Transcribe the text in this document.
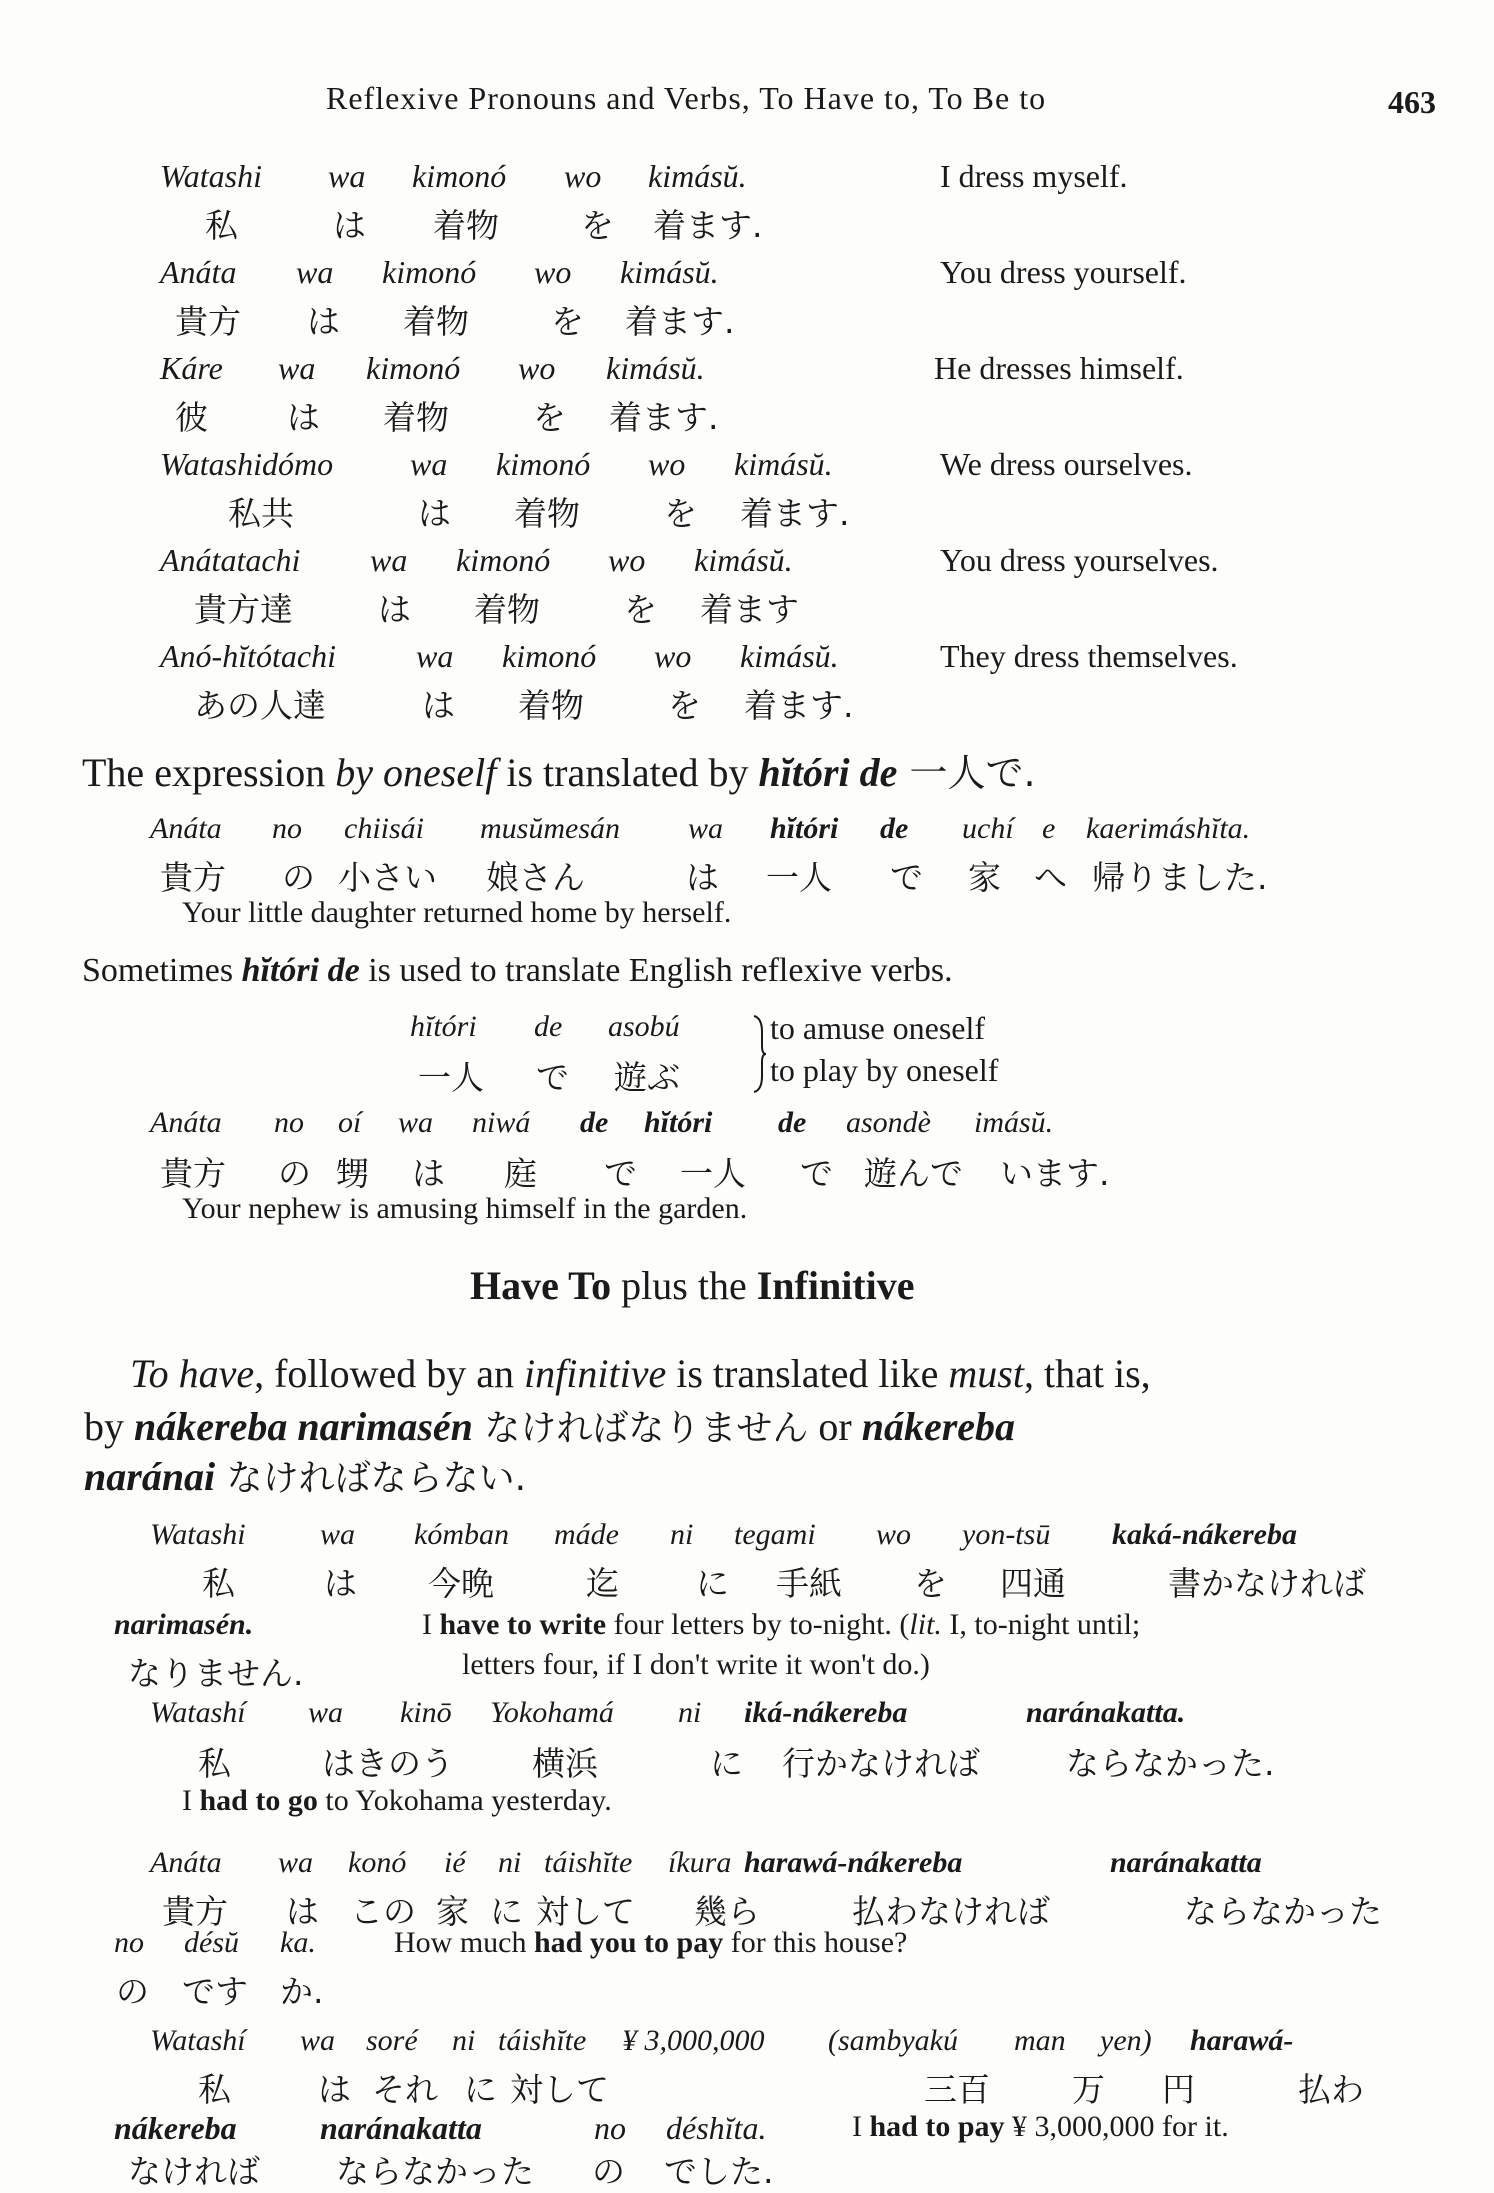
Reflexive Pronouns and Verbs, To Have to, To Be to	463
Watashi wa kimonó wo kimásŭ.
私	は 着物 を 着ます.
I dress myself.
Anáta wa kimonó wo kimásŭ.
貴方 は 着物 を 着ます.
You dress yourself.
Káre wa kimonó wo kimásŭ.
彼 は 着物	を 着ます.
He dresses himself.
Watashidómo wa kimonó wo kimásŭ.
私共	は 着物	を 着ます.
We dress ourselves.
Anátatachi wa kimonó wo kimásŭ.
貴方達	は 着物	を 着ます
You dress yourselves.
Anó-hĭtótachi	wa kimonó wo kimásŭ.
あの人達	は 着物	を 着ます.
They dress themselves.
The expression by oneself is translated by hĭtóri de 一人で.
Anáta no chiisái musŭmesán wa hĭtóri de uchí e kaerimáshĭta.
貴方 の 小さい 娘さん	は 一人 で 家 へ 帰りました.
Your little daughter returned home by herself.
Sometimes hĭtóri de is used to translate English reflexive verbs.
hĭtóri de asobú
一人 で 遊ぶ
to amuse oneself
to play by oneself
Anáta no oí wa niwá de hĭtóri de asondè imásŭ.
貴方 の 甥 は 庭 で 一人 で 遊んで います.
Your nephew is amusing himself in the garden.
Have To plus the Infinitive
To have, followed by an infinitive is translated like must, that is,
by nákereba narimasén なければなりません or nákereba
naránai なければならない.
Watashi wa kómban máde ni tegami wo yon-tsū kaká-nákereba
私	は 今晩	迄 に 手紙 を 四通	書かなければ
narimasén.	I have to write four letters by to-night. (lit. I, to-night until;
なりません.	letters four, if I don't write it won't do.)
Watashí wa kinō Yokohamá ni iká-nákereba	naránakatta.
私	はきのう 横浜	に 行かなければ	ならなかった.
I had to go to Yokohama yesterday.
Anáta wa konó ié ni táishĭte íkura harawá-nákereba	naránakatta
貴方 は この 家 に 対して 幾ら	払わなければ	ならなかった
no désŭ ka.	How much had you to pay for this house?
の です か.
Watashí wa soré ni táishĭte ¥ 3,000,000 (sambyakú man yen) harawá-
私	は それ に 対して	三百 万 円	払わ
nákereba	naránakatta	no déshĭta.	I had to pay ¥ 3,000,000 for it.
なければ ならなかった の でした.
